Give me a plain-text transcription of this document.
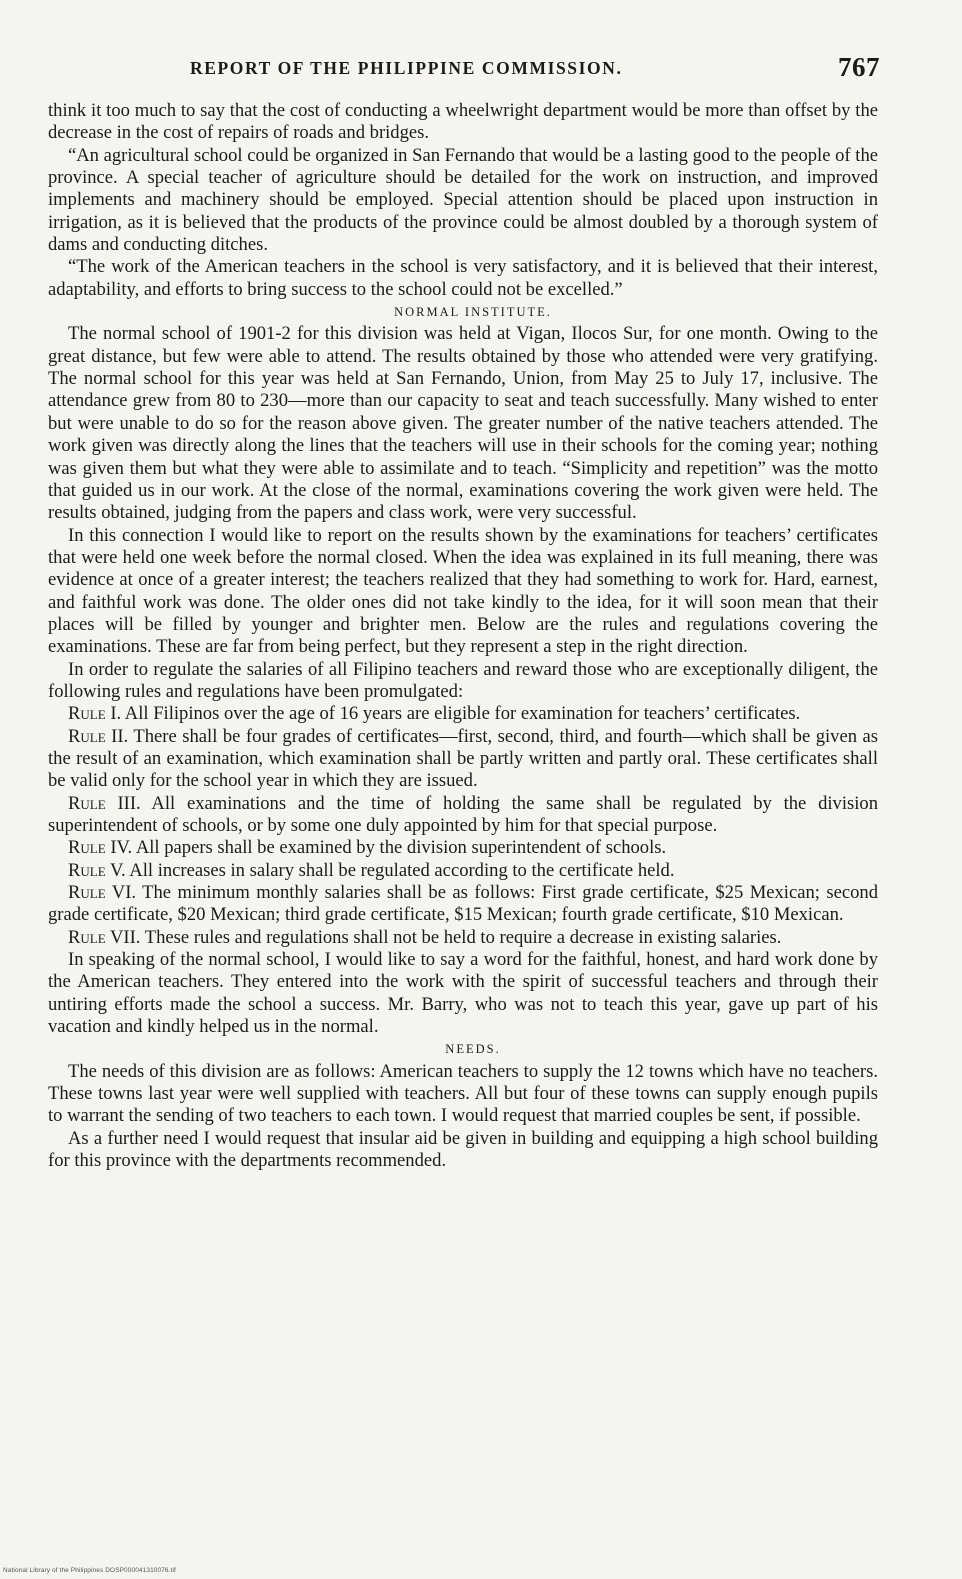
REPORT OF THE PHILIPPINE COMMISSION.	767

think it too much to say that the cost of conducting a wheelwright department would be more than offset by the decrease in the cost of repairs of roads and bridges.

“An agricultural school could be organized in San Fernando that would be a lasting good to the people of the province. A special teacher of agriculture should be detailed for the work on instruction, and improved implements and machinery should be employed. Special attention should be placed upon instruction in irrigation, as it is believed that the products of the province could be almost doubled by a thorough system of dams and conducting ditches.

“The work of the American teachers in the school is very satisfactory, and it is believed that their interest, adaptability, and efforts to bring success to the school could not be excelled.”

NORMAL INSTITUTE.

The normal school of 1901-2 for this division was held at Vigan, Ilocos Sur, for one month. Owing to the great distance, but few were able to attend. The results obtained by those who attended were very gratifying. The normal school for this year was held at San Fernando, Union, from May 25 to July 17, inclusive. The attendance grew from 80 to 230—more than our capacity to seat and teach successfully. Many wished to enter but were unable to do so for the reason above given. The greater number of the native teachers attended. The work given was directly along the lines that the teachers will use in their schools for the coming year; nothing was given them but what they were able to assimilate and to teach. “Simplicity and repetition” was the motto that guided us in our work. At the close of the normal, examinations covering the work given were held. The results obtained, judging from the papers and class work, were very successful.

In this connection I would like to report on the results shown by the examinations for teachers’ certificates that were held one week before the normal closed. When the idea was explained in its full meaning, there was evidence at once of a greater interest; the teachers realized that they had something to work for. Hard, earnest, and faithful work was done. The older ones did not take kindly to the idea, for it will soon mean that their places will be filled by younger and brighter men. Below are the rules and regulations covering the examinations. These are far from being perfect, but they represent a step in the right direction.

In order to regulate the salaries of all Filipino teachers and reward those who are exceptionally diligent, the following rules and regulations have been promulgated:

Rule I. All Filipinos over the age of 16 years are eligible for examination for teachers’ certificates.

Rule II. There shall be four grades of certificates—first, second, third, and fourth—which shall be given as the result of an examination, which examination shall be partly written and partly oral. These certificates shall be valid only for the school year in which they are issued.

Rule III. All examinations and the time of holding the same shall be regulated by the division superintendent of schools, or by some one duly appointed by him for that special purpose.

Rule IV. All papers shall be examined by the division superintendent of schools.

Rule V. All increases in salary shall be regulated according to the certificate held.

Rule VI. The minimum monthly salaries shall be as follows: First grade certificate, $25 Mexican; second grade certificate, $20 Mexican; third grade certificate, $15 Mexican; fourth grade certificate, $10 Mexican.

Rule VII. These rules and regulations shall not be held to require a decrease in existing salaries.

In speaking of the normal school, I would like to say a word for the faithful, honest, and hard work done by the American teachers. They entered into the work with the spirit of successful teachers and through their untiring efforts made the school a success. Mr. Barry, who was not to teach this year, gave up part of his vacation and kindly helped us in the normal.

NEEDS.

The needs of this division are as follows: American teachers to supply the 12 towns which have no teachers. These towns last year were well supplied with teachers. All but four of these towns can supply enough pupils to warrant the sending of two teachers to each town. I would request that married couples be sent, if possible.

As a further need I would request that insular aid be given in building and equipping a high school building for this province with the departments recommended.

National Library of the Philippines DOSP000041310076.tif
